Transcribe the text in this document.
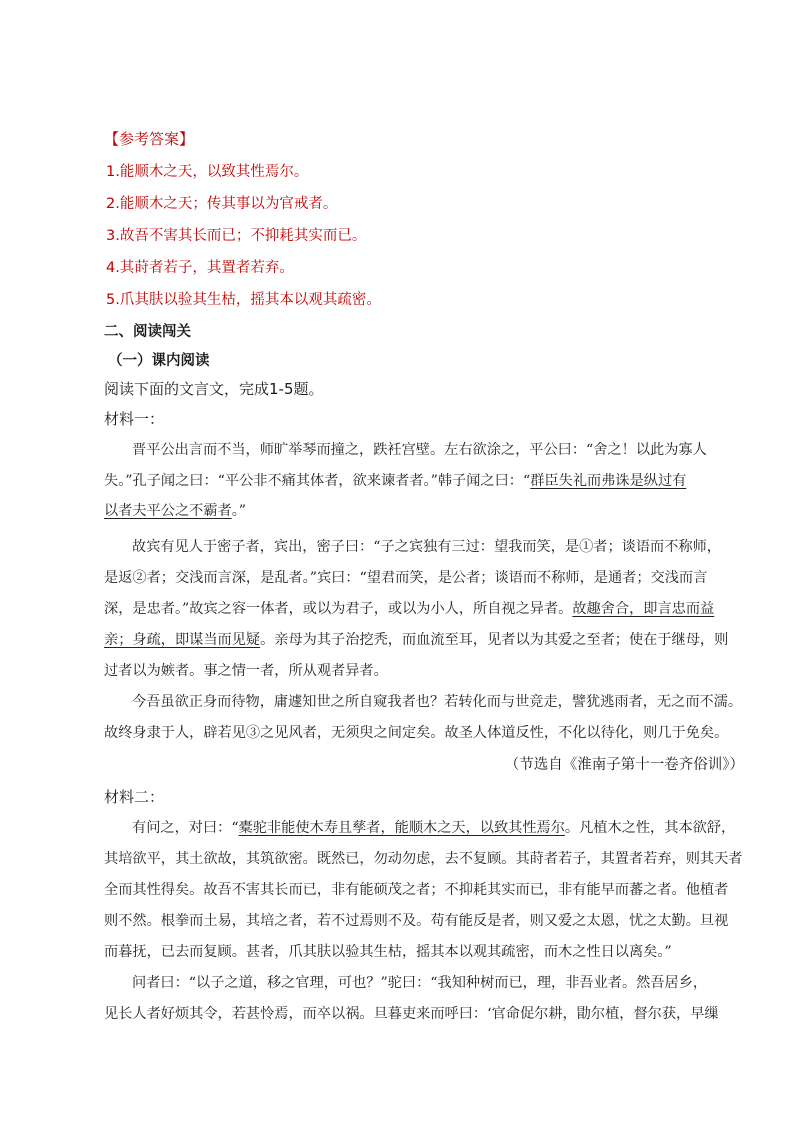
【参考答案】
1.能顺木之天，以致其性焉尔。
2.能顺木之天；传其事以为官戒者。
3.故吾不害其长而已；不抑耗其实而已。
4.其莳者若子，其置者若弃。
5.爪其肤以验其生枯，摇其本以观其疏密。
二、阅读闯关
（一）课内阅读
阅读下面的文言文，完成1-5题。
材料一：
晋平公出言而不当，师旷举琴而撞之，跌衽宫壁。左右欲涂之，平公曰：“舍之！以此为寡人
失。”孔子闻之曰：“平公非不痛其体者，欲来谏者者。”韩子闻之曰：“群臣失礼而弗诛是纵过有
以者夫平公之不霸者。”
故宾有见人于密子者，宾出，密子曰：“子之宾独有三过：望我而笑，是①者；谈语而不称师，
是返②者；交浅而言深，是乱者。”宾曰：“望君而笑，是公者；谈语而不称师，是通者；交浅而言
深，是忠者。”故宾之容一体者，或以为君子，或以为小人，所自视之异者。故趣舍合，即言忠而益
亲；身疏，即谋当而见疑。亲母为其子治挖秃，而血流至耳，见者以为其爱之至者；使在于继母，则
过者以为嫉者。事之情一者，所从观者异者。
今吾虽欲正身而待物，庸遽知世之所自窥我者也？若转化而与世竞走，譬犹逃雨者，无之而不濡。
故终身隶于人，辟若见③之见风者，无须臾之间定矣。故圣人体道反性，不化以待化，则几于免矣。
（节选自《淮南子第十一卷齐俗训》）
材料二：
有问之，对曰：“橐驼非能使木寿且孳者，能顺木之天，以致其性焉尔。凡植木之性，其本欲舒，
其培欲平，其土欲故，其筑欲密。既然已，勿动勿虑，去不复顾。其莳者若子，其置者若弃，则其天者
全而其性得矣。故吾不害其长而已，非有能硕茂之者；不抑耗其实而已，非有能早而蕃之者。他植者
则不然。根拳而土易，其培之者，若不过焉则不及。苟有能反是者，则又爱之太恩，忧之太勤。旦视
而暮抚，已去而复顾。甚者，爪其肤以验其生枯，摇其本以观其疏密，而木之性日以离矣。”
问者曰：“以子之道，移之官理，可也？”驼曰：“我知种树而已，理，非吾业者。然吾居乡，
见长人者好烦其令，若甚怜焉，而卒以祸。旦暮吏来而呼曰：‘官命促尔耕，勖尔植，督尔获，早缫
